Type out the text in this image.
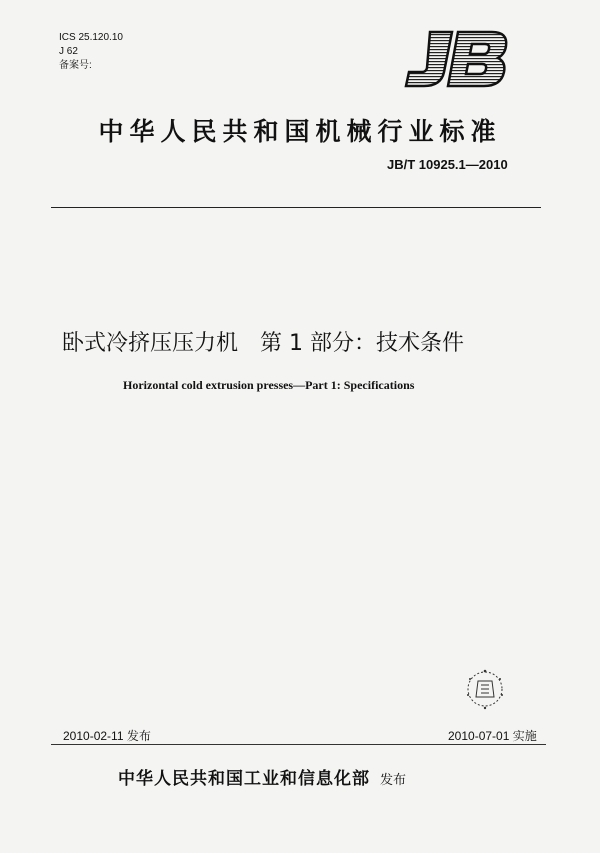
ICS 25.120.10
J 62
备案号:
中华人民共和国机械行业标准
JB/T 10925.1—2010
卧式冷挤压压力机　第 1 部分：技术条件
Horizontal cold extrusion presses—Part 1: Specifications
2010-02-11 发布	2010-07-01 实施
中华人民共和国工业和信息化部 发布
